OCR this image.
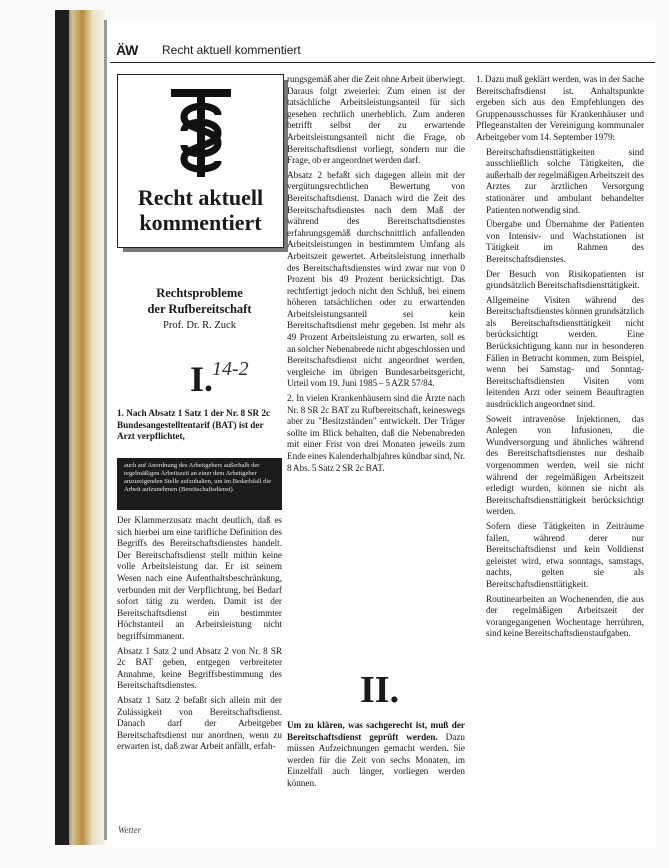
ÄW Recht aktuell kommentiert
Recht aktuell
kommentiert
Rechtsprobleme
der Rufbereitschaft
Prof. Dr. R. Zuck
I.
14-2
1. Nach Absatz 1 Satz 1 der Nr. 8 SR 2c Bundesangestelltentarif (BAT) ist der Arzt verpflichtet,
auch auf Anordnung des Arbeitgebers außerhalb der regelmäßigen Arbeitszeit an einer dem Arbeitgeber anzuzeigenden Stelle aufzuhalten, um im Bedarfsfall die Arbeit aufzunehmen (Bereitschaftsdienst).

Der Klammerzusatz macht deutlich, daß es sich hierbei um eine tarifliche Definition des Begriffs des Bereitschaftsdienstes handelt. Der Bereitschaftsdienst stellt mithin keine volle Arbeitsleistung dar. Er ist seinem Wesen nach eine Aufenthaltsbeschränkung, verbunden mit der Verpflichtung, bei Bedarf sofort tätig zu werden. Damit ist der Bereitschaftsdienst ein bestimmter Höchstanteil an Arbeitsleistung nicht begriffsimmanent.

Absatz 1 Satz 2 und Absatz 2 von Nr. 8 SR 2c BAT geben, entgegen verbreiteter Annahme, keine Begriffsbestimmung des Bereitschaftsdienstes.

Absatz 1 Satz 2 befaßt sich allein mit der Zulässigkeit von Bereitschaftsdienst. Danach darf der Arbeitgeber Bereitschaftsdienst nur anordnen, wenn zu erwarten ist, daß zwar Arbeit anfällt, erfah-

rungsgemäß aber die Zeit ohne Arbeit überwiegt. Daraus folgt zweierlei: Zum einen ist der tatsächliche Arbeitsleistungsanteil für sich gesehen rechtlich unerheblich. Zum anderen betrifft selbst der zu erwartende Arbeitsleistungsanteil nicht die Frage, ob Bereitschaftsdienst vorliegt, sondern nur die Frage, ob er angeordnet werden darf.

Absatz 2 befaßt sich dagegen allein mit der vergütungsrechtlichen Bewertung von Bereitschaftsdienst. Danach wird die Zeit des Bereitschaftsdienstes nach dem Maß der während des Bereitschaftsdienstes erfahrungsgemäß durchschnittlich anfallenden Arbeitsleistungen in bestimmtem Umfang als Arbeitszeit gewertet. Arbeitsleistung innerhalb des Bereitschaftsdienstes wird zwar nur von 0 Prozent bis 49 Prozent berücksichtigt. Das rechtfertigt jedoch nicht den Schluß, bei einem höheren tatsächlichen oder zu erwartenden Arbeitsleistungsanteil sei kein Bereitschaftsdienst mehr gegeben. Ist mehr als 49 Prozent Arbeitsleistung zu erwarten, soll es an solcher Nebenabrede nicht abgeschlossen und Bereitschaftsdienst nicht angeordnet werden, vergleiche im übrigen Bundesarbeitsgericht, Urteil vom 19. Juni 1985 – 5 AZR 57/84.

2. In vielen Krankenhäusern sind die Ärzte nach Nr. 8 SR 2c BAT zu Rufbereitschaft, keineswegs aber zu "Besitzständen" entwickelt. Der Träger sollte im Blick behalten, daß die Nebenabreden mit einer Frist von drei Monaten jeweils zum Ende eines Kalenderhalbjahres kündbar sind, Nr. 8 Abs. 5 Satz 2 SR 2c BAT.

II.
Um zu klären, was sachgerecht ist, muß der Bereitschaftsdienst geprüft werden. Dazu müssen Aufzeichnungen gemacht werden. Sie werden für die Zeit von sechs Monaten, im Einzelfall auch länger, vorliegen werden können.

1. Dazu muß geklärt werden, was in der Sache Bereitschaftsdienst ist. Anhaltspunkte ergeben sich aus den Empfehlungen des Gruppenausschusses für Krankenhäuser und Pflegeanstalten der Vereinigung kommunaler Arbeitgeber vom 14. September 1979:

Bereitschaftsdiensttätigkeiten sind ausschließlich solche Tätigkeiten, die außerhalb der regelmäßigen Arbeitszeit des Arztes zur ärztlichen Versorgung stationärer und ambulant behandelter Patienten notwendig sind.

Übergabe und Übernahme der Patienten von Intensiv- und Wachstationen ist Tätigkeit im Rahmen des Bereitschaftsdienstes.

Der Besuch von Risikopatienten ist grundsätzlich Bereitschaftsdiensttätigkeit.

Allgemeine Visiten während des Bereitschaftsdienstes können grundsätzlich als Bereitschaftsdiensttätigkeit nicht berücksichtigt werden. Eine Berücksichtigung kann nur in besonderen Fällen in Betracht kommen, zum Beispiel, wenn bei Samstag- und Sonntag-Bereitschaftsdiensten Visiten vom leitenden Arzt oder seinem Beauftragten ausdrücklich angeordnet sind.

Soweit intravenöse Injektionen, das Anlegen von Infusionen, die Wundversorgung und ähnliches während des Bereitschaftsdienstes nur deshalb vorgenommen werden, weil sie nicht während der regelmäßigen Arbeitszeit erledigt wurden, können sie nicht als Bereitschaftsdiensttätigkeit berücksichtigt werden.

Sofern diese Tätigkeiten in Zeiträume fallen, während derer nur Bereitschaftsdienst und kein Volldienst geleistet wird, etwa sonntags, samstags, nachts, gelten sie als Bereitschaftsdiensttätigkeit.

Routinearbeiten an Wochenenden, die aus der regelmäßigen Arbeitszeit der vorangegangenen Wochentage herrühren, sind keine Bereitschaftsdienstaufgaben.

Wetter
